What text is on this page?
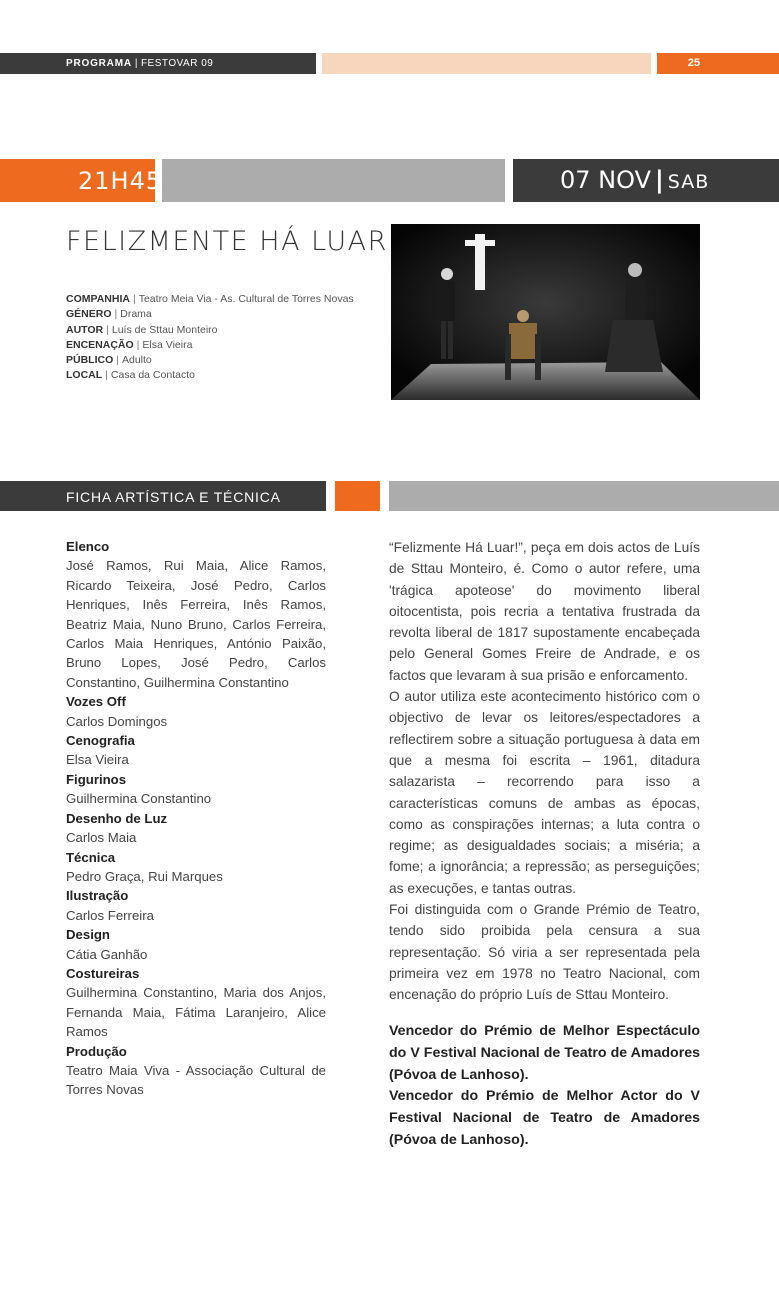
PROGRAMA | FESTOVAR 09	25
21H45	07 NOV | SAB
FELIZMENTE HÁ LUAR
COMPANHIA | Teatro Meia Via - As. Cultural de Torres Novas
GÉNERO | Drama
AUTOR | Luís de Sttau Monteiro
ENCENAÇÃO | Elsa Vieira
PÚBLICO | Adulto
LOCAL | Casa da Contacto
FICHA ARTÍSTICA E TÉCNICA

Elenco

José Ramos, Rui Maia, Alice Ramos, Ricardo Teixeira, José Pedro, Carlos Henriques, Inês Ferreira, Inês Ramos, Beatriz Maia, Nuno Bruno, Carlos Ferreira, Carlos Maia Henriques, António Paixão, Bruno Lopes, José Pedro, Carlos Constantino, Guilhermina Constantino

Vozes Off

Carlos Domingos

Cenografia

Elsa Vieira

Figurinos

Guilhermina Constantino

Desenho de Luz

Carlos Maia

Técnica

Pedro Graça, Rui Marques

Ilustração

Carlos Ferreira

Design

Cátia Ganhão

Costureiras

Guilhermina Constantino, Maria dos Anjos, Fernanda Maia, Fátima Laranjeiro, Alice Ramos

Produção

Teatro Maia Viva - Associação Cultural de Torres Novas

“Felizmente Há Luar!”, peça em dois actos de Luís de Sttau Monteiro, é. Como o autor refere, uma 'trágica apoteose' do movimento liberal oitocentista, pois recria a tentativa frustrada da revolta liberal de 1817 supostamente encabeçada pelo General Gomes Freire de Andrade, e os factos que levaram à sua prisão e enforcamento.

O autor utiliza este acontecimento histórico com o objectivo de levar os leitores/espectadores a reflectirem sobre a situação portuguesa à data em que a mesma foi escrita – 1961, ditadura salazarista – recorrendo para isso a características comuns de ambas as épocas, como as conspirações internas; a luta contra o regime; as desigualdades sociais; a miséria; a fome; a ignorância; a repressão; as perseguições; as execuções, e tantas outras.

Foi distinguida com o Grande Prémio de Teatro, tendo sido proibida pela censura a sua representação. Só viria a ser representada pela primeira vez em 1978 no Teatro Nacional, com encenação do próprio Luís de Sttau Monteiro.

Vencedor do Prémio de Melhor Espectáculo do V Festival Nacional de Teatro de Amadores (Póvoa de Lanhoso).

Vencedor do Prémio de Melhor Actor do V Festival Nacional de Teatro de Amadores (Póvoa de Lanhoso).
